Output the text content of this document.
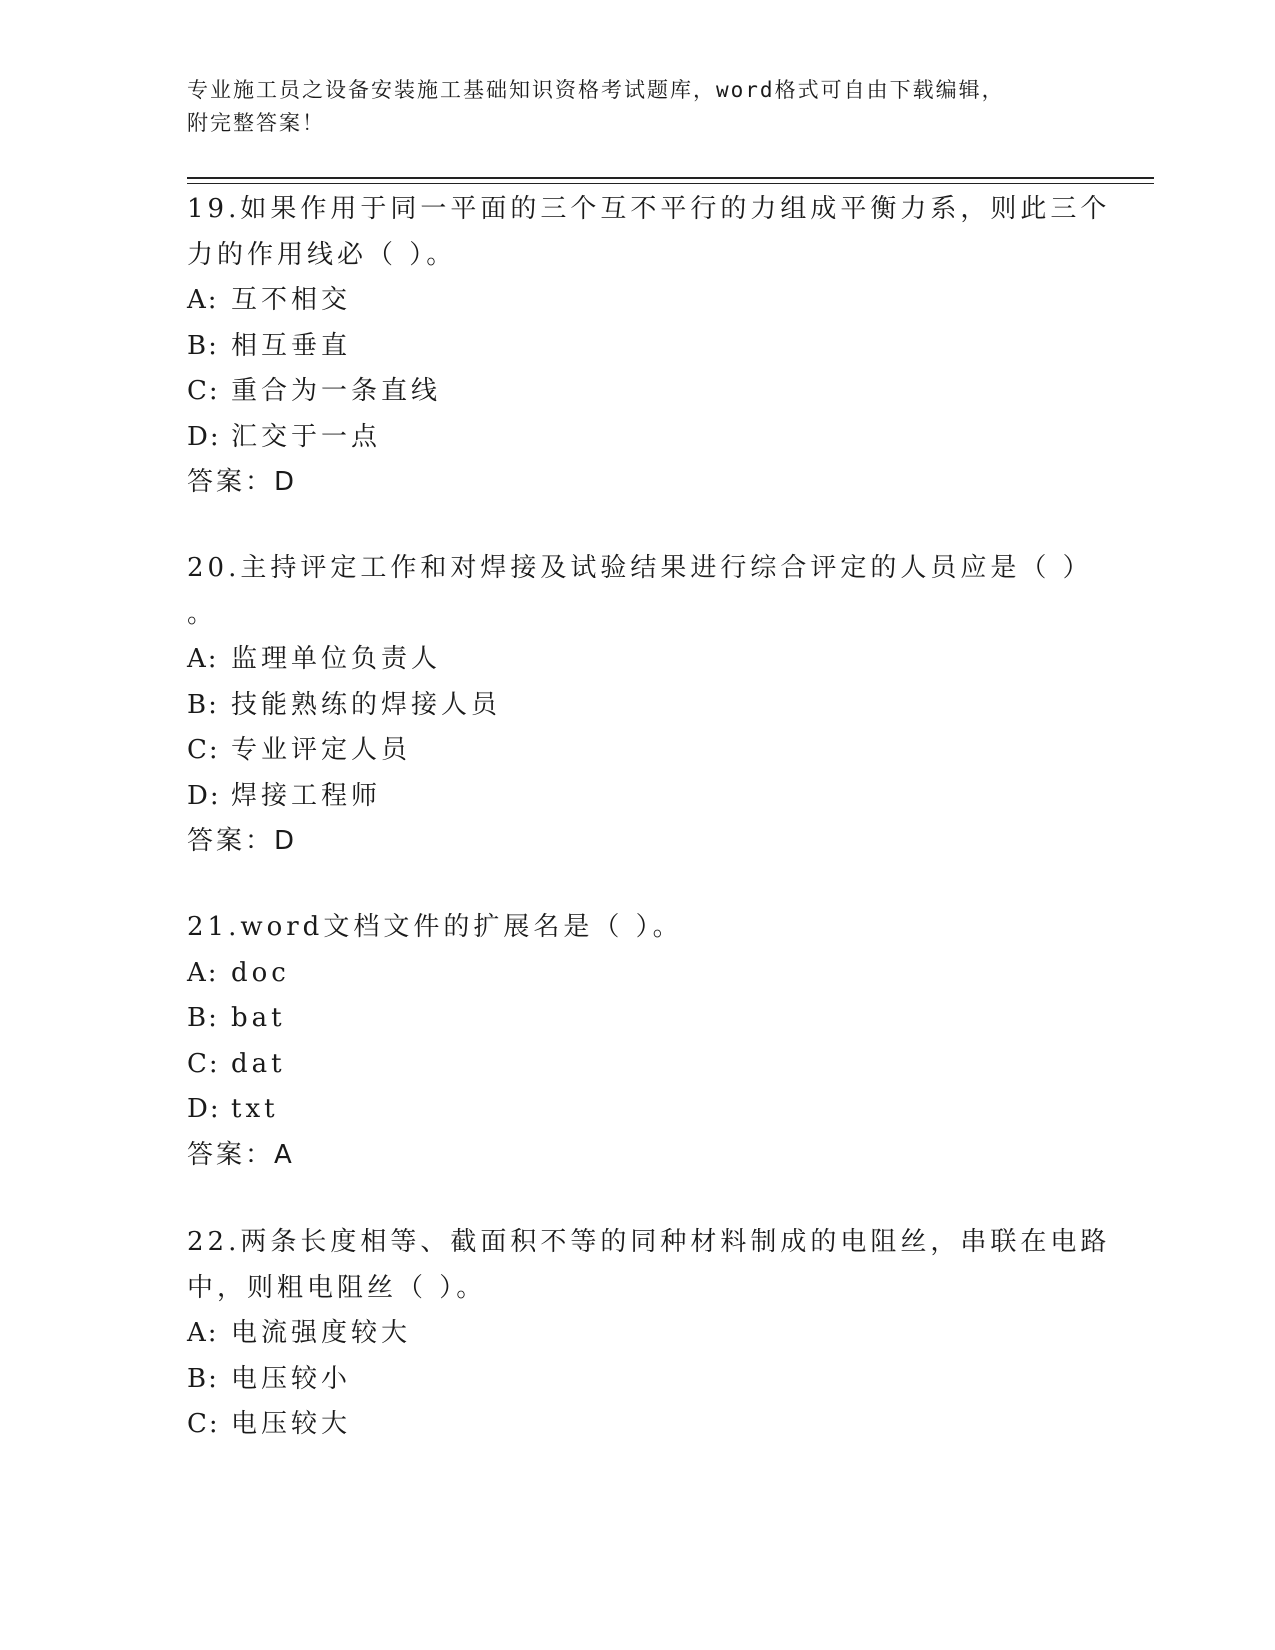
专业施工员之设备安装施工基础知识资格考试题库，word格式可自由下载编辑，
附完整答案！
19.如果作用于同一平面的三个互不平行的力组成平衡力系，则此三个
力的作用线必（ ）。
A: 互不相交
B: 相互垂直
C: 重合为一条直线
D: 汇交于一点
答案：D
20.主持评定工作和对焊接及试验结果进行综合评定的人员应是（ ）
。
A: 监理单位负责人
B: 技能熟练的焊接人员
C: 专业评定人员
D: 焊接工程师
答案：D
21.word文档文件的扩展名是（ ）。
A: doc
B: bat
C: dat
D: txt
答案：A
22.两条长度相等、截面积不等的同种材料制成的电阻丝，串联在电路
中，则粗电阻丝（ ）。
A: 电流强度较大
B: 电压较小
C: 电压较大
